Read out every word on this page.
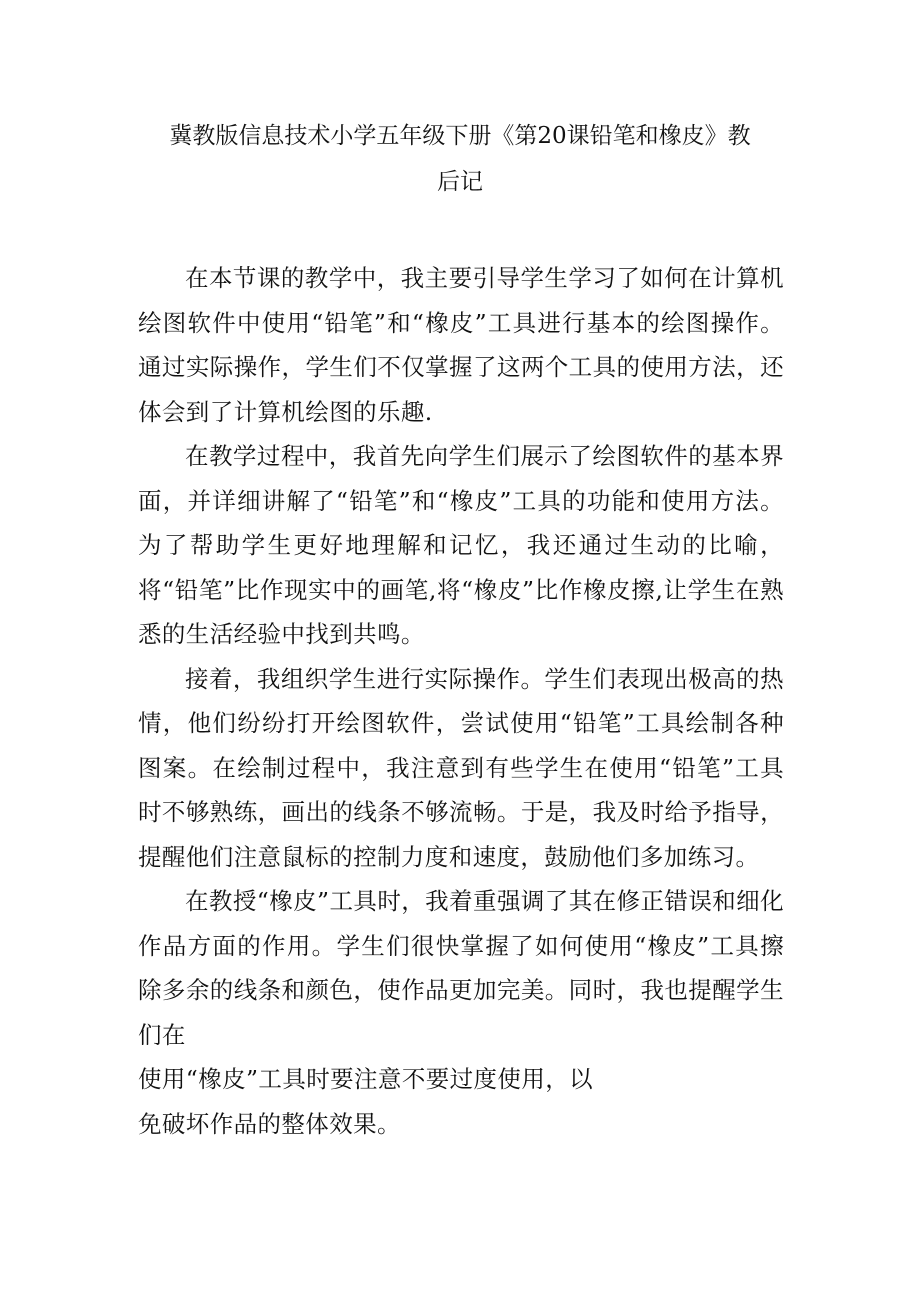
冀教版信息技术小学五年级下册《第20课铅笔和橡皮》教
后记

在本节课的教学中，我主要引导学生学习了如何在计算机绘图软件中使用“铅笔”和“橡皮”工具进行基本的绘图操作。通过实际操作，学生们不仅掌握了这两个工具的使用方法，还体会到了计算机绘图的乐趣.

在教学过程中，我首先向学生们展示了绘图软件的基本界面，并详细讲解了“铅笔”和“橡皮”工具的功能和使用方法。为了帮助学生更好地理解和记忆，我还通过生动的比喻，将“铅笔”比作现实中的画笔,将“橡皮”比作橡皮擦,让学生在熟悉的生活经验中找到共鸣。

接着，我组织学生进行实际操作。学生们表现出极高的热情，他们纷纷打开绘图软件，尝试使用“铅笔”工具绘制各种图案。在绘制过程中，我注意到有些学生在使用“铅笔”工具时不够熟练，画出的线条不够流畅。于是，我及时给予指导，提醒他们注意鼠标的控制力度和速度，鼓励他们多加练习。

在教授“橡皮”工具时，我着重强调了其在修正错误和细化作品方面的作用。学生们很快掌握了如何使用“橡皮”工具擦除多余的线条和颜色，使作品更加完美。同时，我也提醒学生们在

使用“橡皮”工具时要注意不要过度使用，以
免破坏作品的整体效果。
